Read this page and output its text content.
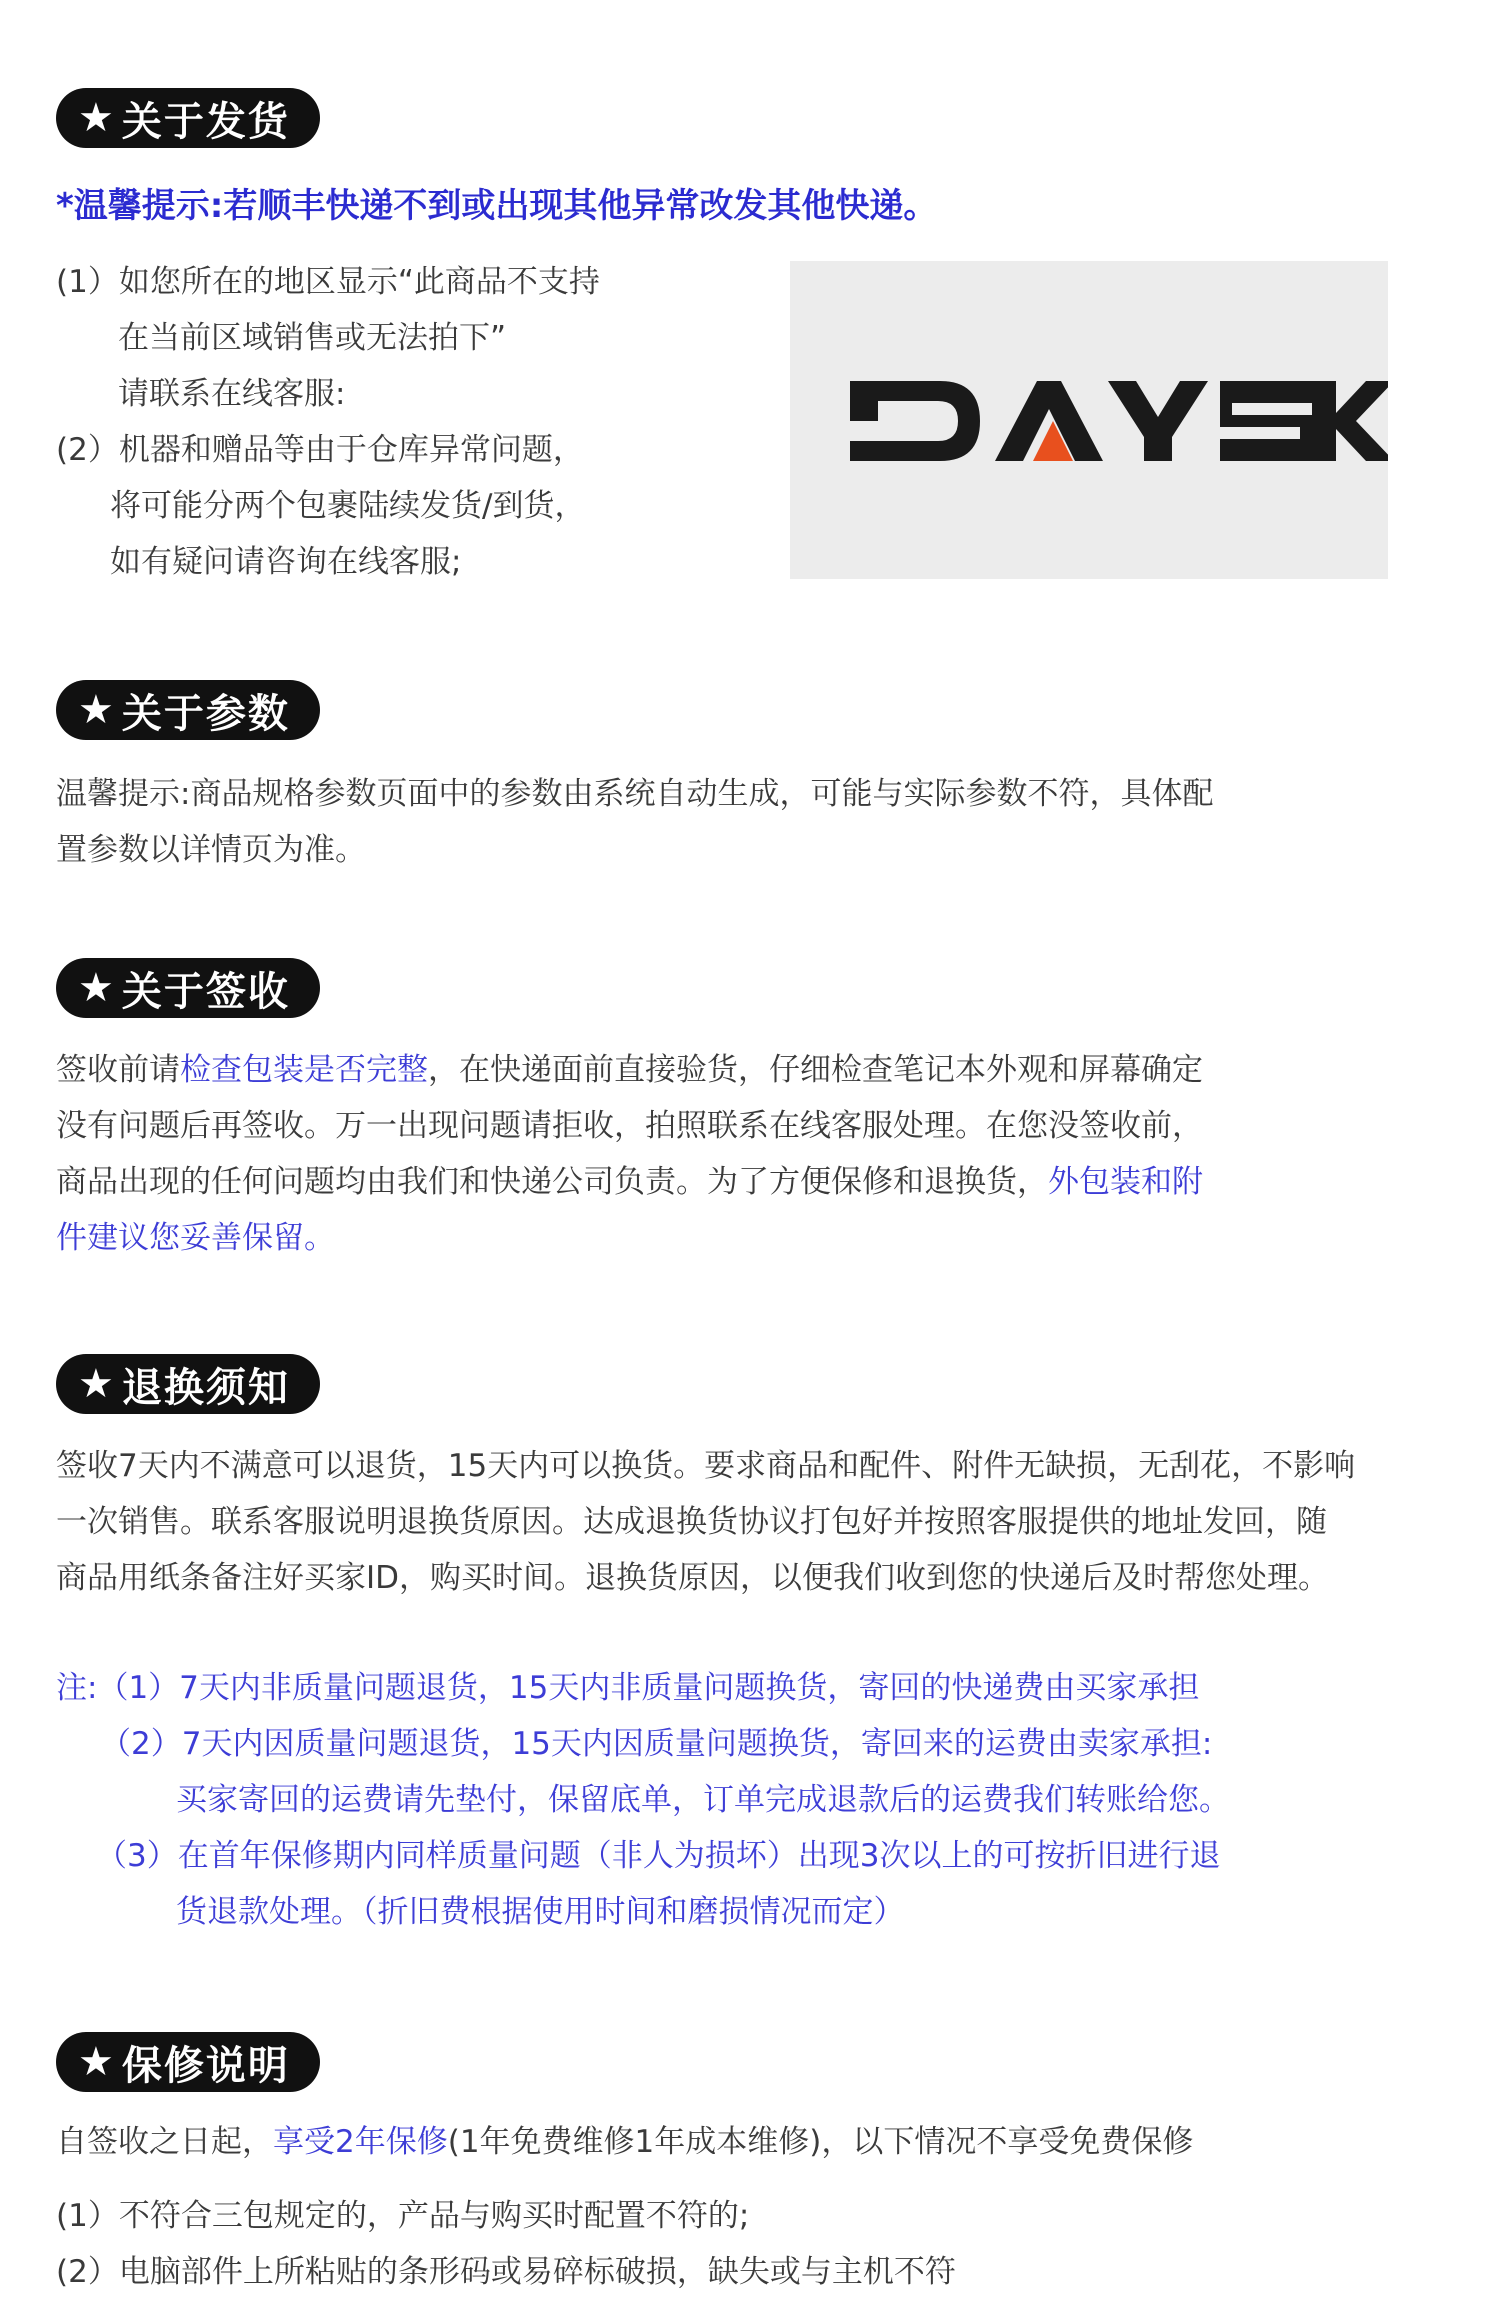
★ 关于发货
*温馨提示:若顺丰快递不到或出现其他异常改发其他快递。
(1）如您所在的地区显示“此商品不支持
在当前区域销售或无法拍下”
请联系在线客服:
(2）机器和赠品等由于仓库异常问题，
将可能分两个包裹陆续发货/到货，
如有疑问请咨询在线客服;
★ 关于参数
温馨提示:商品规格参数页面中的参数由系统自动生成，可能与实际参数不符，具体配
置参数以详情页为准。
★ 关于签收
签收前请检查包装是否完整，在快递面前直接验货，仔细检查笔记本外观和屏幕确定
没有问题后再签收。万一出现问题请拒收，拍照联系在线客服处理。在您没签收前，
商品出现的任何问题均由我们和快递公司负责。为了方便保修和退换货，外包装和附
件建议您妥善保留。
★ 退换须知
签收7天内不满意可以退货，15天内可以换货。要求商品和配件、附件无缺损，无刮花，不影响
一次销售。联系客服说明退换货原因。达成退换货协议打包好并按照客服提供的地址发回，随
商品用纸条备注好买家ID，购买时间。退换货原因，以便我们收到您的快递后及时帮您处理。
注:（1）7天内非质量问题退货，15天内非质量问题换货，寄回的快递费由买家承担
（2）7天内因质量问题退货，15天内因质量问题换货，寄回来的运费由卖家承担:
买家寄回的运费请先垫付，保留底单，订单完成退款后的运费我们转账给您。
（3）在首年保修期内同样质量问题（非人为损坏）出现3次以上的可按折旧进行退
货退款处理。（折旧费根据使用时间和磨损情况而定）
★ 保修说明
自签收之日起，享受2年保修(1年免费维修1年成本维修)，以下情况不享受免费保修
(1）不符合三包规定的，产品与购买时配置不符的;
(2）电脑部件上所粘贴的条形码或易碎标破损，缺失或与主机不符
